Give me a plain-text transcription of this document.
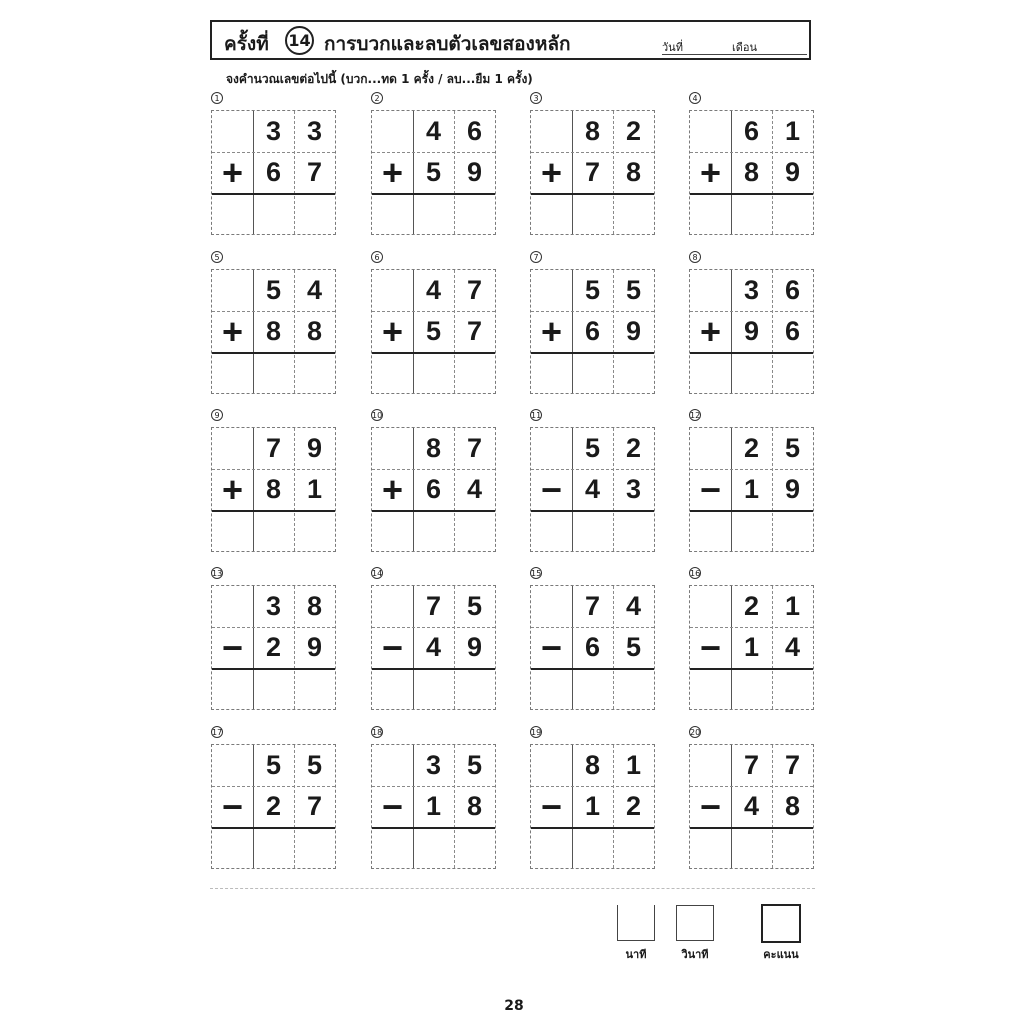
ครั้งที่ 14 การบวกและลบตัวเลขสองหลัก	วันที่	เดือน
จงคำนวณเลขต่อไปนี้ (บวก...ทด 1 ครั้ง / ลบ...ยืม 1 ครั้ง)
1
3 3
+ 6 7
2
4 6
+ 5 9
3
8 2
+ 7 8
4
6 1
+ 8 9
5
5 4
+ 8 8
6
4 7
+ 5 7
7
5 5
+ 6 9
8
3 6
+ 9 6
9
7 9
+ 8 1
10
8 7
+ 6 4
11
5 2
− 4 3
12
2 5
− 1 9
13
3 8
− 2 9
14
7 5
− 4 9
15
7 4
− 6 5
16
2 1
− 1 4
17
5 5
− 2 7
18
3 5
− 1 8
19
8 1
− 1 2
20
7 7
− 4 8
นาที	วินาที	คะแนน
28
